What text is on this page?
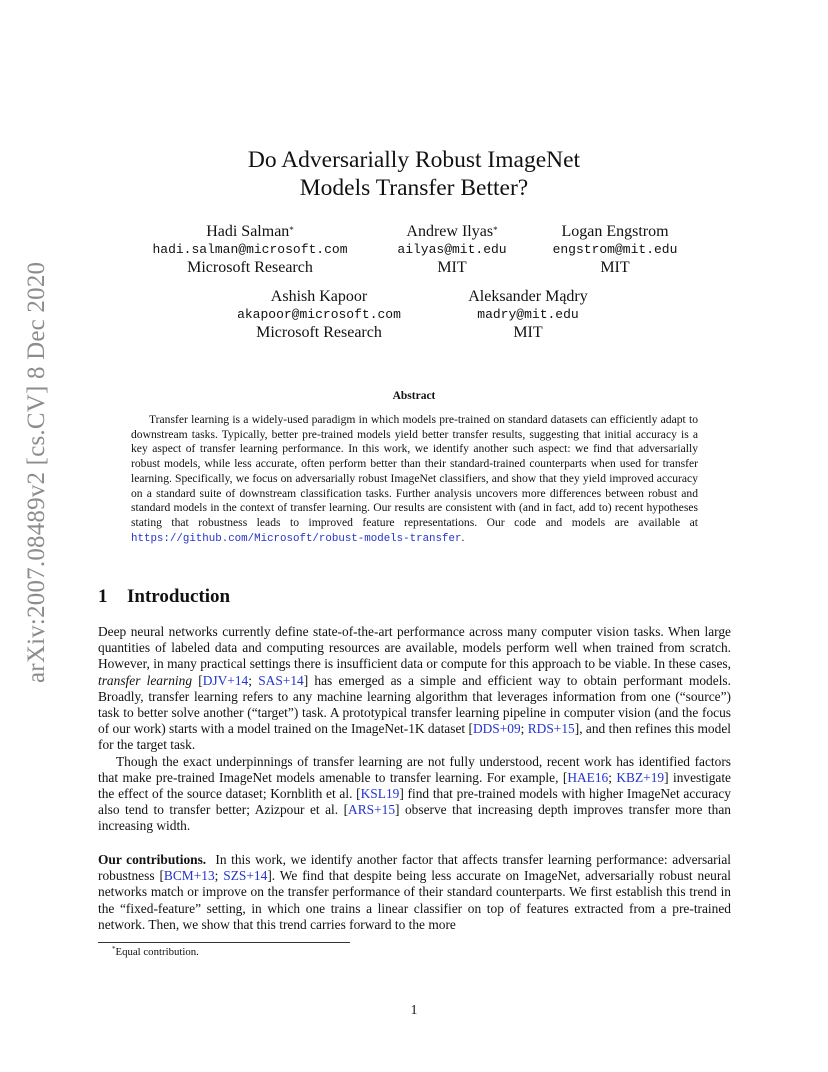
arXiv:2007.08489v2 [cs.CV] 8 Dec 2020
Do Adversarially Robust ImageNet
Models Transfer Better?
Hadi Salman*
hadi.salman@microsoft.com
Microsoft Research
Andrew Ilyas*
ailyas@mit.edu
MIT
Logan Engstrom
engstrom@mit.edu
MIT
Ashish Kapoor
akapoor@microsoft.com
Microsoft Research
Aleksander Mądry
madry@mit.edu
MIT
Abstract
Transfer learning is a widely-used paradigm in which models pre-trained on standard datasets can efficiently adapt to downstream tasks. Typically, better pre-trained models yield better transfer results, suggesting that initial accuracy is a key aspect of transfer learning performance. In this work, we identify another such aspect: we find that adversarially robust models, while less accurate, often perform better than their standard-trained counterparts when used for transfer learning. Specifically, we focus on adversarially robust ImageNet classifiers, and show that they yield improved accuracy on a standard suite of downstream classification tasks. Further analysis uncovers more differences between robust and standard models in the context of transfer learning. Our results are consistent with (and in fact, add to) recent hypotheses stating that robustness leads to improved feature representations. Our code and models are available at https://github.com/Microsoft/robust-models-transfer.
1 Introduction
Deep neural networks currently define state-of-the-art performance across many computer vision tasks. When large quantities of labeled data and computing resources are available, models perform well when trained from scratch. However, in many practical settings there is insufficient data or compute for this approach to be viable. In these cases, transfer learning [DJV+14; SAS+14] has emerged as a simple and efficient way to obtain performant models. Broadly, transfer learning refers to any machine learning algorithm that leverages information from one (“source”) task to better solve another (“target”) task. A prototypical transfer learning pipeline in computer vision (and the focus of our work) starts with a model trained on the ImageNet-1K dataset [DDS+09; RDS+15], and then refines this model for the target task.
Though the exact underpinnings of transfer learning are not fully understood, recent work has identified factors that make pre-trained ImageNet models amenable to transfer learning. For example, [HAE16; KBZ+19] investigate the effect of the source dataset; Kornblith et al. [KSL19] find that pre-trained models with higher ImageNet accuracy also tend to transfer better; Azizpour et al. [ARS+15] observe that increasing depth improves transfer more than increasing width.
Our contributions. In this work, we identify another factor that affects transfer learning performance: adversarial robustness [BCM+13; SZS+14]. We find that despite being less accurate on ImageNet, adversarially robust neural networks match or improve on the transfer performance of their standard counterparts. We first establish this trend in the “fixed-feature” setting, in which one trains a linear classifier on top of features extracted from a pre-trained network. Then, we show that this trend carries forward to the more
*Equal contribution.
1
